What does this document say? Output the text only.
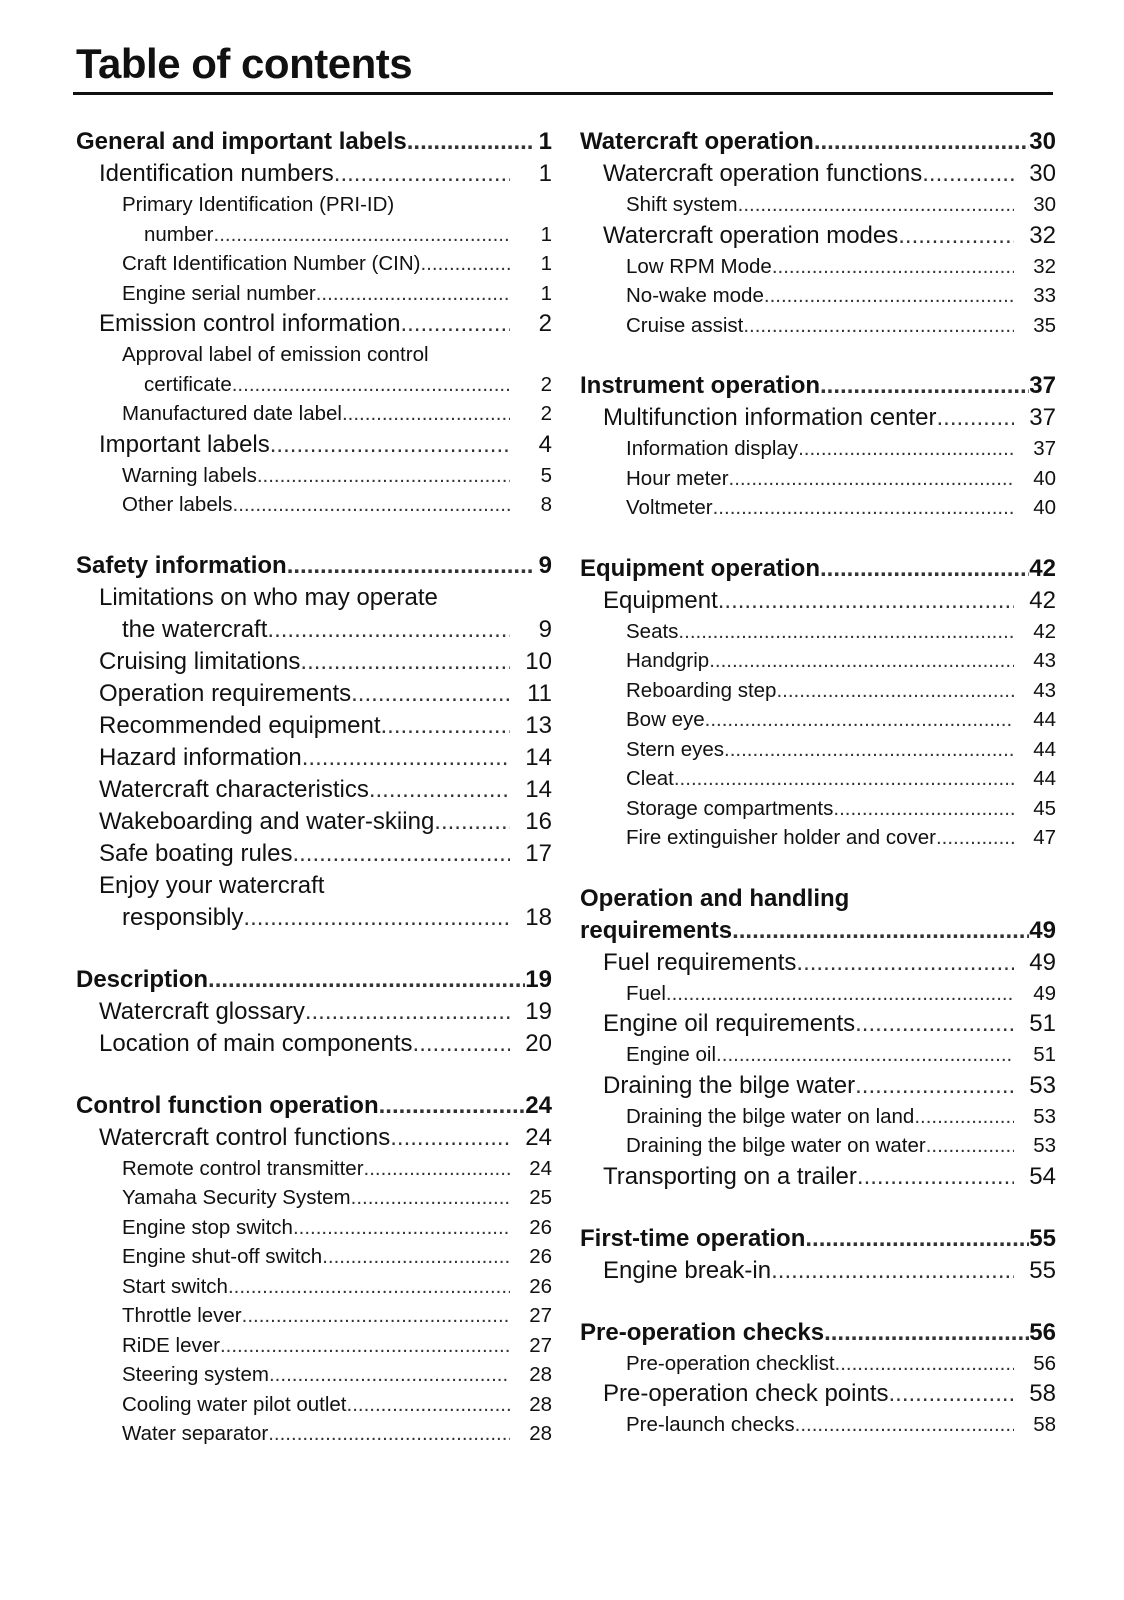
Table of contents
General and important labels .....	1
Identification numbers .....	1
Primary Identification (PRI-ID)
number .....	1
Craft Identification Number (CIN) .....	1
Engine serial number .....	1
Emission control information .....	2
Approval label of emission control
certificate .....	2
Manufactured date label .....	2
Important labels .....	4
Warning labels .....	5
Other labels .....	8
Safety information .....	9
Limitations on who may operate
the watercraft .....	9
Cruising limitations .....	10
Operation requirements .....	11
Recommended equipment .....	13
Hazard information .....	14
Watercraft characteristics .....	14
Wakeboarding and water-skiing .....	16
Safe boating rules .....	17
Enjoy your watercraft
responsibly .....	18
Description .....	19
Watercraft glossary .....	19
Location of main components .....	20
Control function operation .....	24
Watercraft control functions .....	24
Remote control transmitter .....	24
Yamaha Security System .....	25
Engine stop switch .....	26
Engine shut-off switch .....	26
Start switch .....	26
Throttle lever .....	27
RiDE lever .....	27
Steering system .....	28
Cooling water pilot outlet .....	28
Water separator .....	28
Watercraft operation .....	30
Watercraft operation functions .....	30
Shift system .....	30
Watercraft operation modes .....	32
Low RPM Mode .....	32
No-wake mode .....	33
Cruise assist .....	35
Instrument operation .....	37
Multifunction information center .....	37
Information display .....	37
Hour meter .....	40
Voltmeter .....	40
Equipment operation .....	42
Equipment .....	42
Seats .....	42
Handgrip .....	43
Reboarding step .....	43
Bow eye .....	44
Stern eyes .....	44
Cleat .....	44
Storage compartments .....	45
Fire extinguisher holder and cover .....	47
Operation and handling
requirements .....	49
Fuel requirements .....	49
Fuel .....	49
Engine oil requirements .....	51
Engine oil .....	51
Draining the bilge water .....	53
Draining the bilge water on land .....	53
Draining the bilge water on water .....	53
Transporting on a trailer .....	54
First-time operation .....	55
Engine break-in .....	55
Pre-operation checks .....	56
Pre-operation checklist .....	56
Pre-operation check points .....	58
Pre-launch checks .....	58
